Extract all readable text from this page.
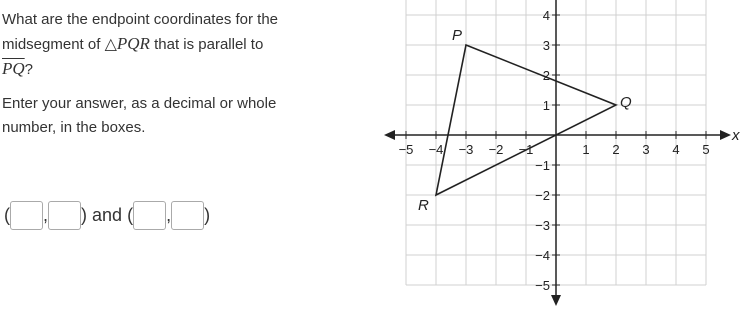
What are the endpoint coordinates for the

midsegment of △PQR that is parallel to

$\overline{PQ}$?

Enter your answer, as a decimal or whole number, in the boxes.

( , ) and ( , )
−5 −4 −3 −2 −1	1 2 3 4 5
4
3
2
1
−1
−2
−3
−4
−5
P
Q
R
x
